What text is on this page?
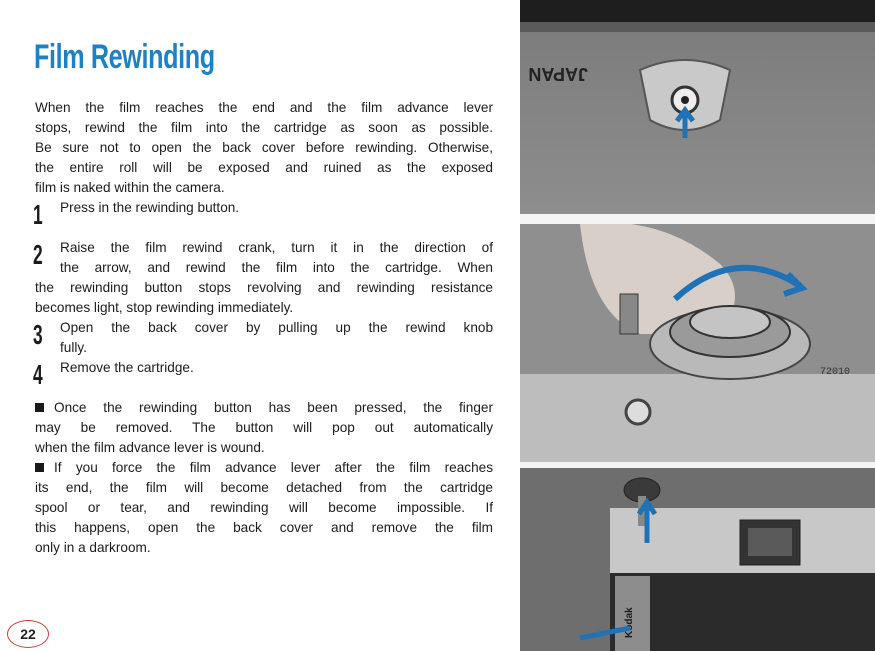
Film Rewinding
When the film reaches the end and the film advance lever
stops, rewind the film into the cartridge as soon as possible.
Be sure not to open the back cover before rewinding. Otherwise,
the entire roll will be exposed and ruined as the exposed
film is naked within the camera.
1	Press in the rewinding button.
2	Raise the film rewind crank, turn it in the direction of
the arrow, and rewind the film into the cartridge. When
the rewinding button stops revolving and rewinding resistance
becomes light, stop rewinding immediately.
3	Open the back cover by pulling up the rewind knob
fully.
4	Remove the cartridge.
Once the rewinding button has been pressed, the finger
may be removed. The button will pop out automatically
when the film advance lever is wound.
If you force the film advance lever after the film reaches
its end, the film will become detached from the cartridge
spool or tear, and rewinding will become impossible. If
this happens, open the back cover and remove the film
only in a darkroom.
22
JAPAN
72010
Kodak
